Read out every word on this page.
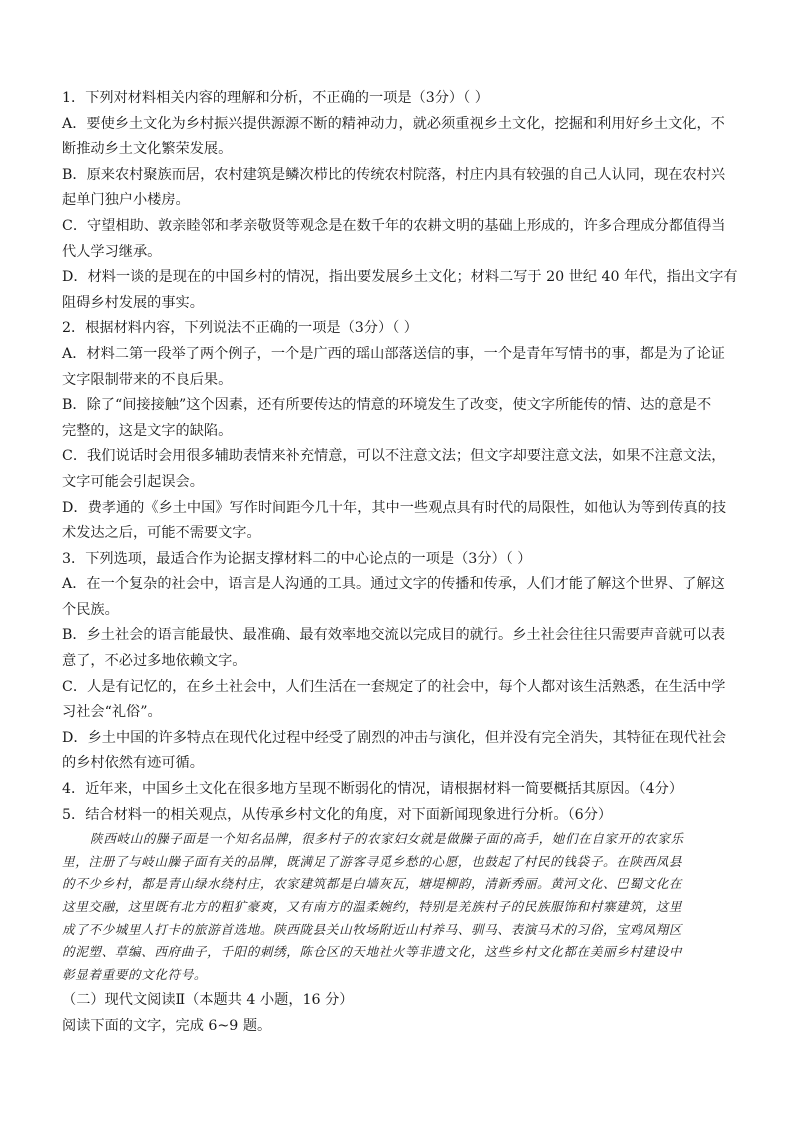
1．下列对材料相关内容的理解和分析，不正确的一项是（3分）（ ）
A．要使乡土文化为乡村振兴提供源源不断的精神动力，就必须重视乡土文化，挖掘和利用好乡土文化，不
断推动乡土文化繁荣发展。
B．原来农村聚族而居，农村建筑是鳞次栉比的传统农村院落，村庄内具有较强的自己人认同，现在农村兴
起单门独户小楼房。
C．守望相助、敦亲睦邻和孝亲敬贤等观念是在数千年的农耕文明的基础上形成的，许多合理成分都值得当
代人学习继承。
D．材料一谈的是现在的中国乡村的情况，指出要发展乡土文化；材料二写于 20 世纪 40 年代，指出文字有
阻碍乡村发展的事实。
2．根据材料内容，下列说法不正确的一项是（3分）（ ）
A．材料二第一段举了两个例子，一个是广西的瑶山部落送信的事，一个是青年写情书的事，都是为了论证
文字限制带来的不良后果。
B．除了“间接接触”这个因素，还有所要传达的情意的环境发生了改变，使文字所能传的情、达的意是不
完整的，这是文字的缺陷。
C．我们说话时会用很多辅助表情来补充情意，可以不注意文法；但文字却要注意文法，如果不注意文法，
文字可能会引起误会。
D．费孝通的《乡土中国》写作时间距今几十年，其中一些观点具有时代的局限性，如他认为等到传真的技
术发达之后，可能不需要文字。
3．下列选项，最适合作为论据支撑材料二的中心论点的一项是（3分）（ ）
A．在一个复杂的社会中，语言是人沟通的工具。通过文字的传播和传承，人们才能了解这个世界、了解这
个民族。
B．乡土社会的语言能最快、最准确、最有效率地交流以完成目的就行。乡土社会往往只需要声音就可以表
意了，不必过多地依赖文字。
C．人是有记忆的，在乡土社会中，人们生活在一套规定了的社会中，每个人都对该生活熟悉，在生活中学
习社会“礼俗”。
D．乡土中国的许多特点在现代化过程中经受了剧烈的冲击与演化，但并没有完全消失，其特征在现代社会
的乡村依然有迹可循。
4．近年来，中国乡土文化在很多地方呈现不断弱化的情况，请根据材料一简要概括其原因。（4分）
5．结合材料一的相关观点，从传承乡村文化的角度，对下面新闻现象进行分析。（6分）
陕西岐山的臊子面是一个知名品牌，很多村子的农家妇女就是做臊子面的高手，她们在自家开的农家乐
里，注册了与岐山臊子面有关的品牌，既满足了游客寻觅乡愁的心愿，也鼓起了村民的钱袋子。在陕西凤县
的不少乡村，都是青山绿水绕村庄，农家建筑都是白墙灰瓦，塘堤柳韵，清新秀丽。黄河文化、巴蜀文化在
这里交融，这里既有北方的粗犷豪爽，又有南方的温柔婉约，特别是羌族村子的民族服饰和村寨建筑，这里
成了不少城里人打卡的旅游首选地。陕西陇县关山牧场附近山村养马、驯马、表演马术的习俗，宝鸡凤翔区
的泥塑、草编、西府曲子，千阳的刺绣，陈仓区的天地社火等非遗文化，这些乡村文化都在美丽乡村建设中
彰显着重要的文化符号。
（二）现代文阅读Ⅱ（本题共 4 小题，16 分）
阅读下面的文字，完成 6~9 题。
